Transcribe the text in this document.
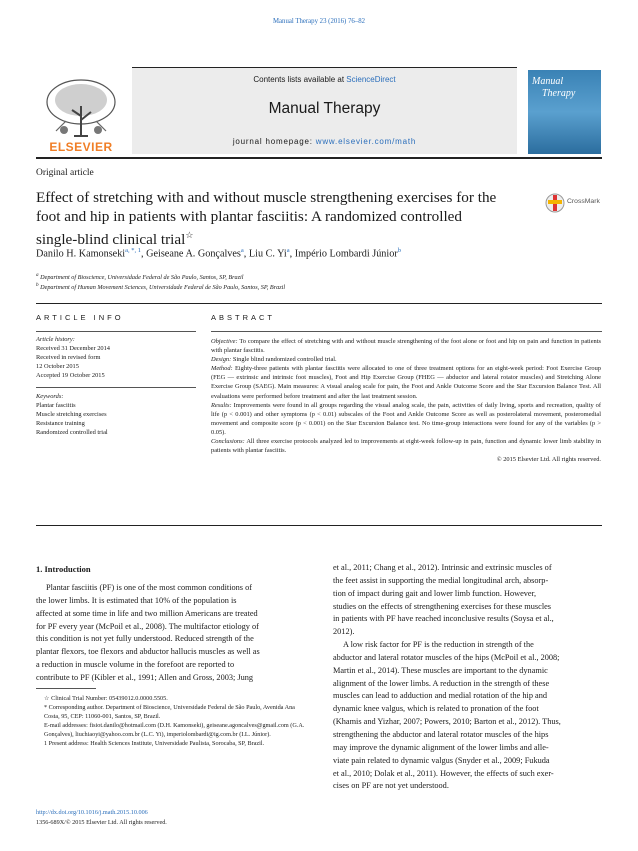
Manual Therapy 23 (2016) 76–82
ELSEVIER
Contents lists available at ScienceDirect
Manual Therapy
journal homepage: www.elsevier.com/math
Manual
Therapy
Original article
Effect of stretching with and without muscle strengthening exercises for the foot and hip in patients with plantar fasciitis: A randomized controlled single-blind clinical trial☆
CrossMark
Danilo H. Kamonseki$^{a, *, 1}$, Geiseane A. Gonçalves$^a$, Liu C. Yi$^a$, Império Lombardi Júnior$^b$
$^a$ Department of Bioscience, Universidade Federal de São Paulo, Santos, SP, Brazil
$^b$ Department of Human Movement Sciences, Universidade Federal de São Paulo, Santos, SP, Brazil
ARTICLE INFO
Article history:
Received 31 December 2014
Received in revised form
12 October 2015
Accepted 19 October 2015
Keywords:
Plantar fasciitis
Muscle stretching exercises
Resistance training
Randomized controlled trial
ABSTRACT
Objective: To compare the effect of stretching with and without muscle strengthening of the foot alone or foot and hip on pain and function in patients with plantar fasciitis.
Design: Single blind randomized controlled trial.
Method: Eighty-three patients with plantar fasciitis were allocated to one of three treatment options for an eight-week period: Foot Exercise Group (FEG — extrinsic and intrinsic foot muscles), Foot and Hip Exercise Group (FHEG — abductor and lateral rotator muscles) and Stretching Alone Exercise Group (SAEG). Main measures: A visual analog scale for pain, the Foot and Ankle Outcome Score and the Star Excursion Balance Test. All evaluations were performed before treatment and after the last treatment session.
Results: Improvements were found in all groups regarding the visual analog scale, the pain, activities of daily living, sports and recreation, quality of life (p < 0.001) and other symptoms (p < 0.01) subscales of the Foot and Ankle Outcome Score as well as posterolateral movement, posteromedial movement and composite score (p < 0.001) on the Star Excursion Balance test. No time-group interactions were found for any of the variables (p > 0.05).
Conclusions: All three exercise protocols analyzed led to improvements at eight-week follow-up in pain, function and dynamic lower limb stability in patients with plantar fasciitis.
© 2015 Elsevier Ltd. All rights reserved.
1. Introduction
Plantar fasciitis (PF) is one of the most common conditions of
the lower limbs. It is estimated that 10% of the population is
affected at some time in life and two million Americans are treated
for PF every year (McPoil et al., 2008). The multifactor etiology of
this condition is not yet fully understood. Reduced strength of the
plantar flexors, toe flexors and abductor hallucis muscles as well as
a reduction in muscle volume in the forefoot are reported to
contribute to PF (Kibler et al., 1991; Allen and Gross, 2003; Jung
et al., 2011; Chang et al., 2012). Intrinsic and extrinsic muscles of
the feet assist in supporting the medial longitudinal arch, absorp-
tion of impact during gait and lower limb function. However,
studies on the effects of strengthening exercises for these muscles
in patients with PF have reached inconclusive results (Soysa et al.,
2012).
A low risk factor for PF is the reduction in strength of the
abductor and lateral rotator muscles of the hips (McPoil et al., 2008;
Martin et al., 2014). These muscles are important to the dynamic
alignment of the lower limbs. A reduction in the strength of these
muscles can lead to adduction and medial rotation of the hip and
dynamic knee valgus, which is related to pronation of the foot
(Khamis and Yizhar, 2007; Powers, 2010; Barton et al., 2012). Thus,
strengthening the abductor and lateral rotator muscles of the hips
may improve the dynamic alignment of the lower limbs and alle-
viate pain related to dynamic valgus (Snyder et al., 2009; Fukuda
et al., 2010; Dolak et al., 2011). However, the effects of such exer-
cises on PF are not yet understood.
☆ Clinical Trial Number: 05439012.0.0000.5505.
* Corresponding author. Department of Bioscience, Universidade Federal de São Paulo, Avenida Ana Costa, 95, CEP: 11060-001, Santos, SP, Brazil.
E-mail addresses: fisiot.danilo@hotmail.com (D.H. Kamonseki), geiseane.agoncalves@gmail.com (G.A. Gonçalves), liuchiaoyi@yahoo.com.br (L.C. Yi), imperiolombardi@ig.com.br (I.L. Júnior).
1 Present address: Health Sciences Institute, Universidade Paulista, Sorocaba, SP, Brazil.
http://dx.doi.org/10.1016/j.math.2015.10.006
1356-689X/© 2015 Elsevier Ltd. All rights reserved.
